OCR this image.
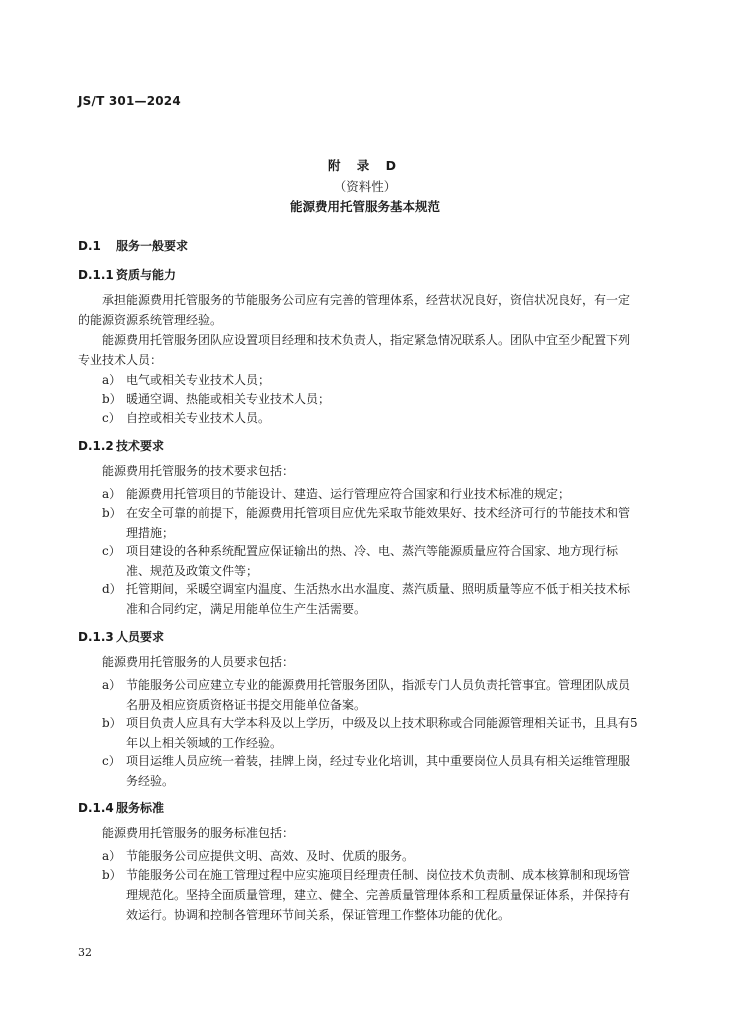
JS/T 301—2024
附 录 D
（资料性）
能源费用托管服务基本规范
D.1 服务一般要求
D.1.1 资质与能力
承担能源费用托管服务的节能服务公司应有完善的管理体系，经营状况良好，资信状况良好，有一定的能源资源系统管理经验。
能源费用托管服务团队应设置项目经理和技术负责人，指定紧急情况联系人。团队中宜至少配置下列专业技术人员：
a） 电气或相关专业技术人员；
b） 暖通空调、热能或相关专业技术人员；
c） 自控或相关专业技术人员。
D.1.2 技术要求
能源费用托管服务的技术要求包括：
a） 能源费用托管项目的节能设计、建造、运行管理应符合国家和行业技术标准的规定；
b） 在安全可靠的前提下，能源费用托管项目应优先采取节能效果好、技术经济可行的节能技术和管理措施；
c） 项目建设的各种系统配置应保证输出的热、冷、电、蒸汽等能源质量应符合国家、地方现行标准、规范及政策文件等；
d） 托管期间，采暖空调室内温度、生活热水出水温度、蒸汽质量、照明质量等应不低于相关技术标准和合同约定，满足用能单位生产生活需要。
D.1.3 人员要求
能源费用托管服务的人员要求包括：
a） 节能服务公司应建立专业的能源费用托管服务团队，指派专门人员负责托管事宜。管理团队成员名册及相应资质资格证书提交用能单位备案。
b） 项目负责人应具有大学本科及以上学历，中级及以上技术职称或合同能源管理相关证书，且具有5年以上相关领域的工作经验。
c） 项目运维人员应统一着装，挂牌上岗，经过专业化培训，其中重要岗位人员具有相关运维管理服务经验。
D.1.4 服务标准
能源费用托管服务的服务标准包括：
a） 节能服务公司应提供文明、高效、及时、优质的服务。
b） 节能服务公司在施工管理过程中应实施项目经理责任制、岗位技术负责制、成本核算制和现场管理规范化。坚持全面质量管理，建立、健全、完善质量管理体系和工程质量保证体系，并保持有效运行。协调和控制各管理环节间关系，保证管理工作整体功能的优化。
32
